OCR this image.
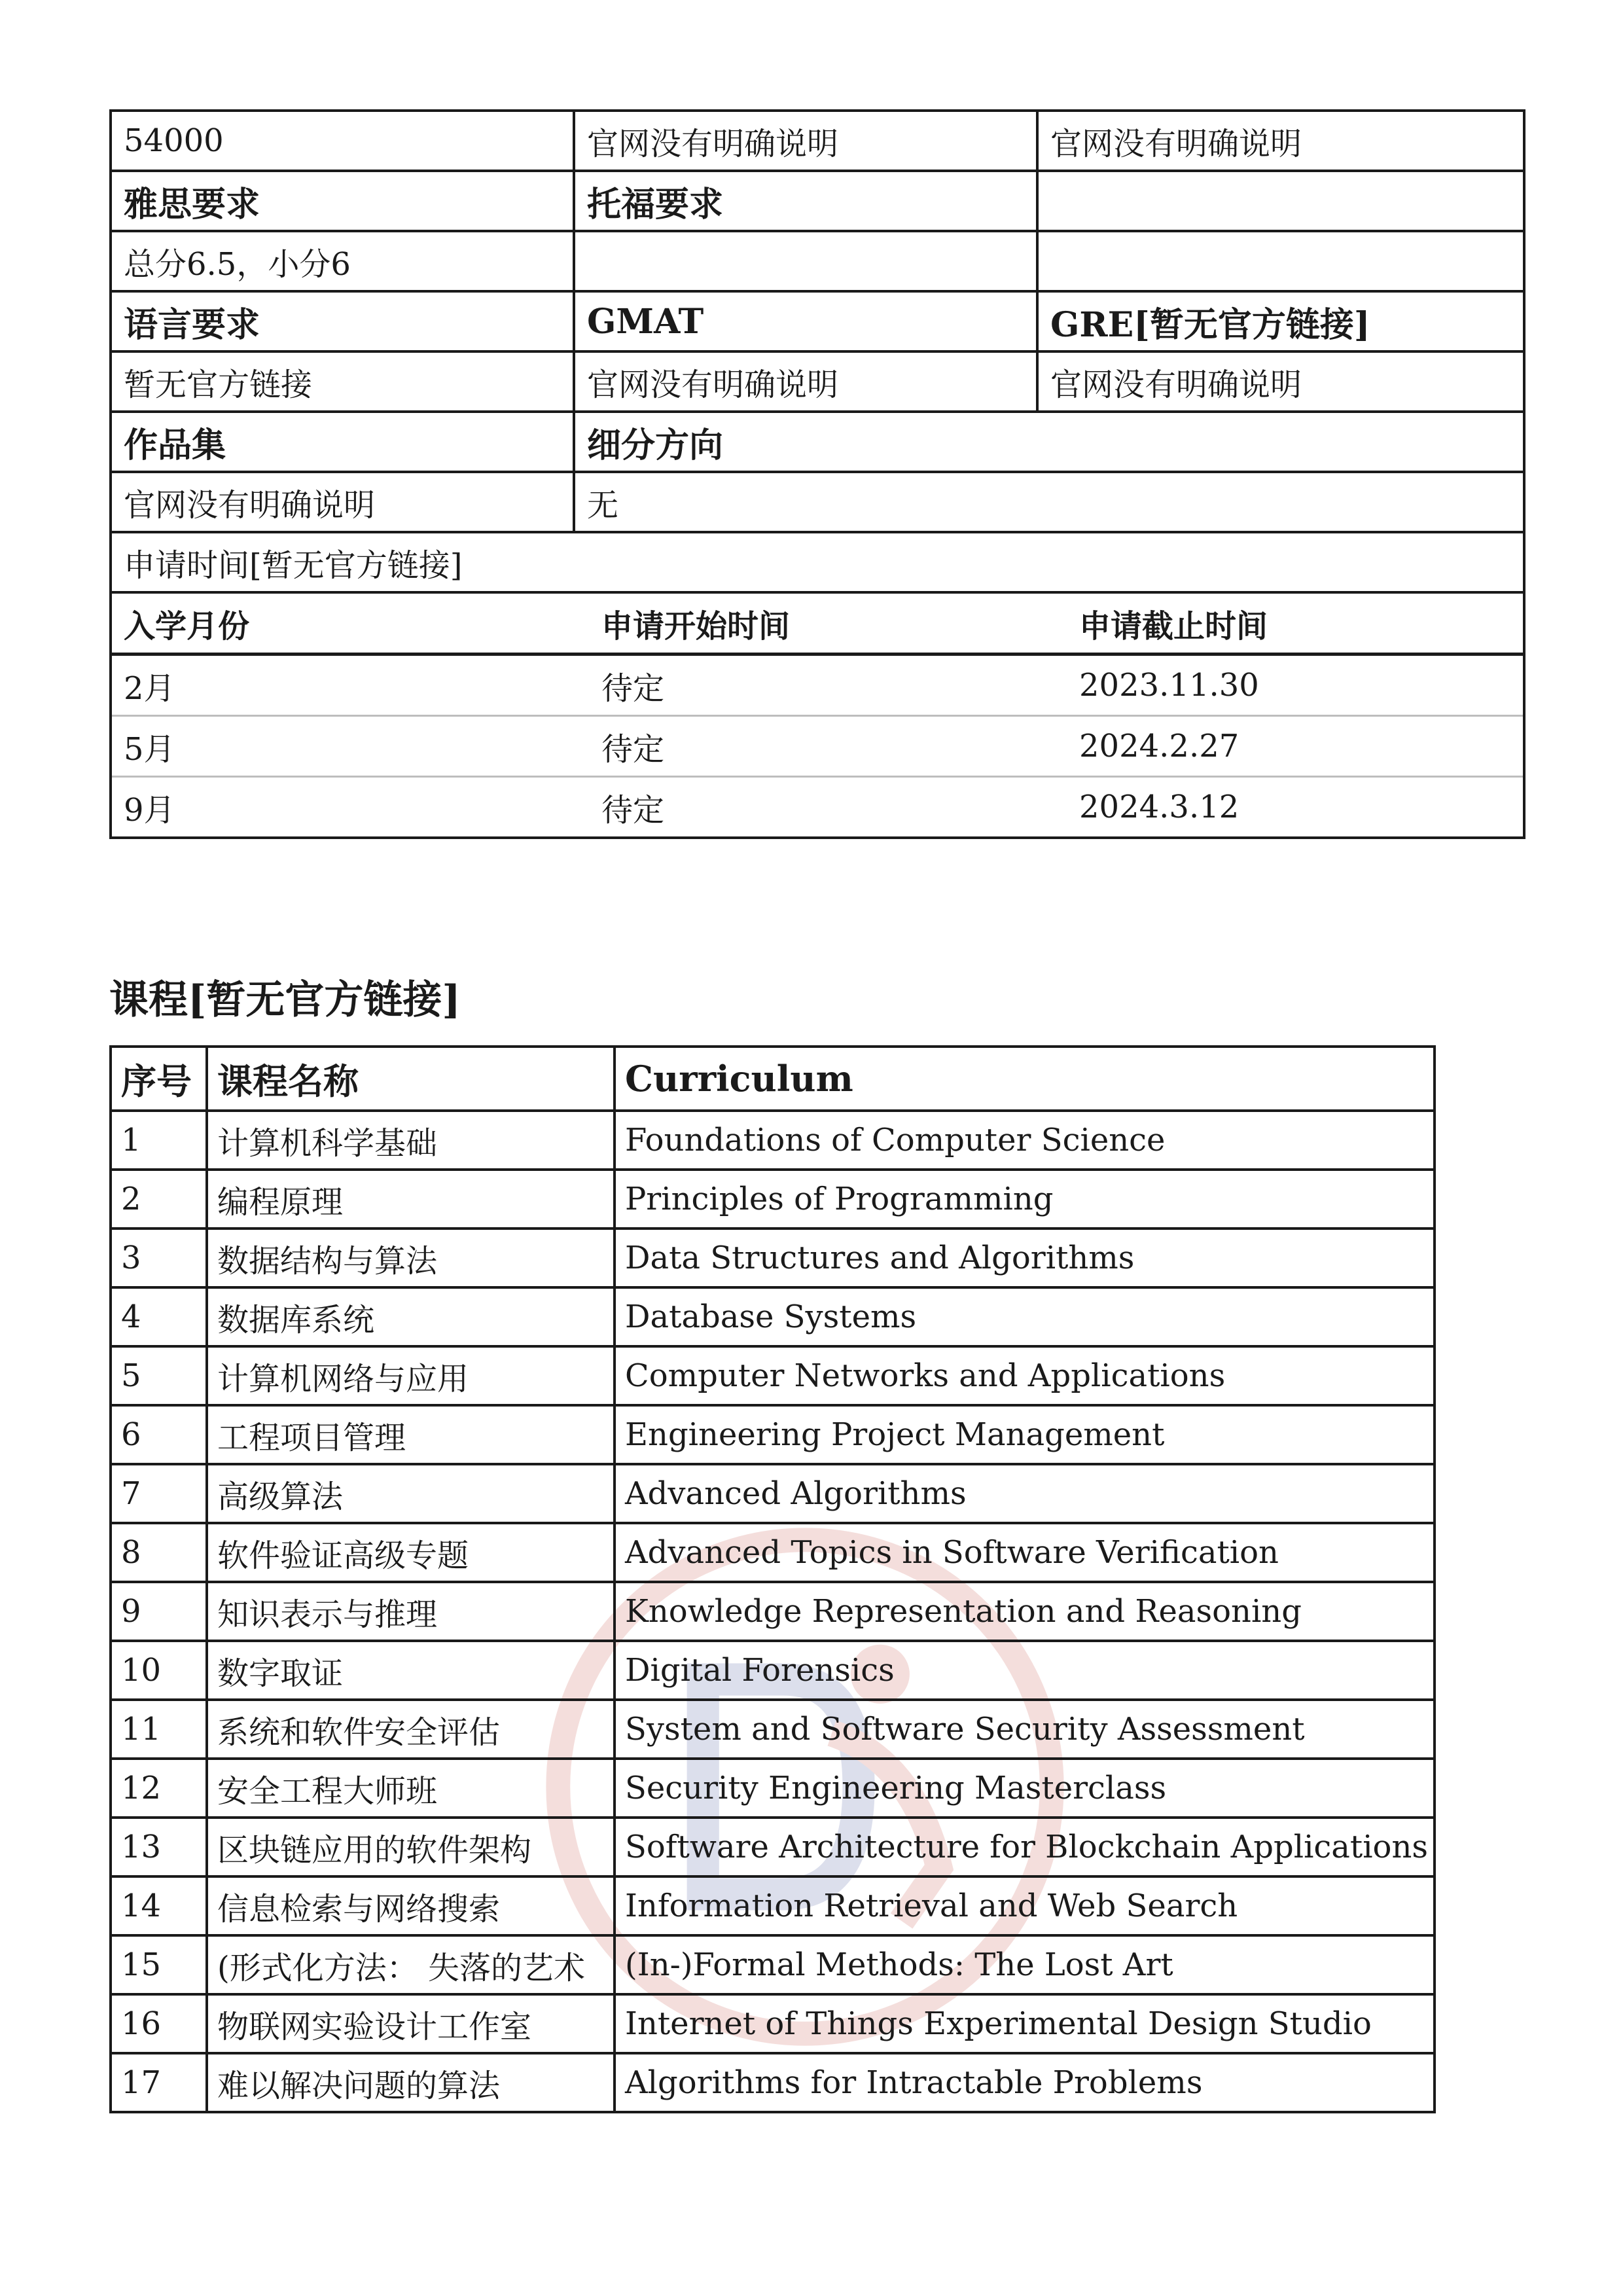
54000	官网没有明确说明	官网没有明确说明
雅思要求	托福要求	
总分6.5，小分6		
语言要求	GMAT	GRE[暂无官方链接]
暂无官方链接	官网没有明确说明	官网没有明确说明
作品集	细分方向
官网没有明确说明	无
申请时间[暂无官方链接]

入学月份	申请开始时间	申请截止时间
2月	待定	2023.11.30
5月	待定	2024.2.27
9月	待定	2024.3.12
课程[暂无官方链接]
序号	课程名称	Curriculum
1	计算机科学基础	Foundations of Computer Science
2	编程原理	Principles of Programming
3	数据结构与算法	Data Structures and Algorithms
4	数据库系统	Database Systems
5	计算机网络与应用	Computer Networks and Applications
6	工程项目管理	Engineering Project Management
7	高级算法	Advanced Algorithms
8	软件验证高级专题	Advanced Topics in Software Verification
9	知识表示与推理	Knowledge Representation and Reasoning
10	数字取证	Digital Forensics
11	系统和软件安全评估	System and Software Security Assessment
12	安全工程大师班	Security Engineering Masterclass
13	区块链应用的软件架构	Software Architecture for Blockchain Applications
14	信息检索与网络搜索	Information Retrieval and Web Search
15	(形式化方法： 失落的艺术	(In-)Formal Methods: The Lost Art
16	物联网实验设计工作室	Internet of Things Experimental Design Studio
17	难以解决问题的算法	Algorithms for Intractable Problems
